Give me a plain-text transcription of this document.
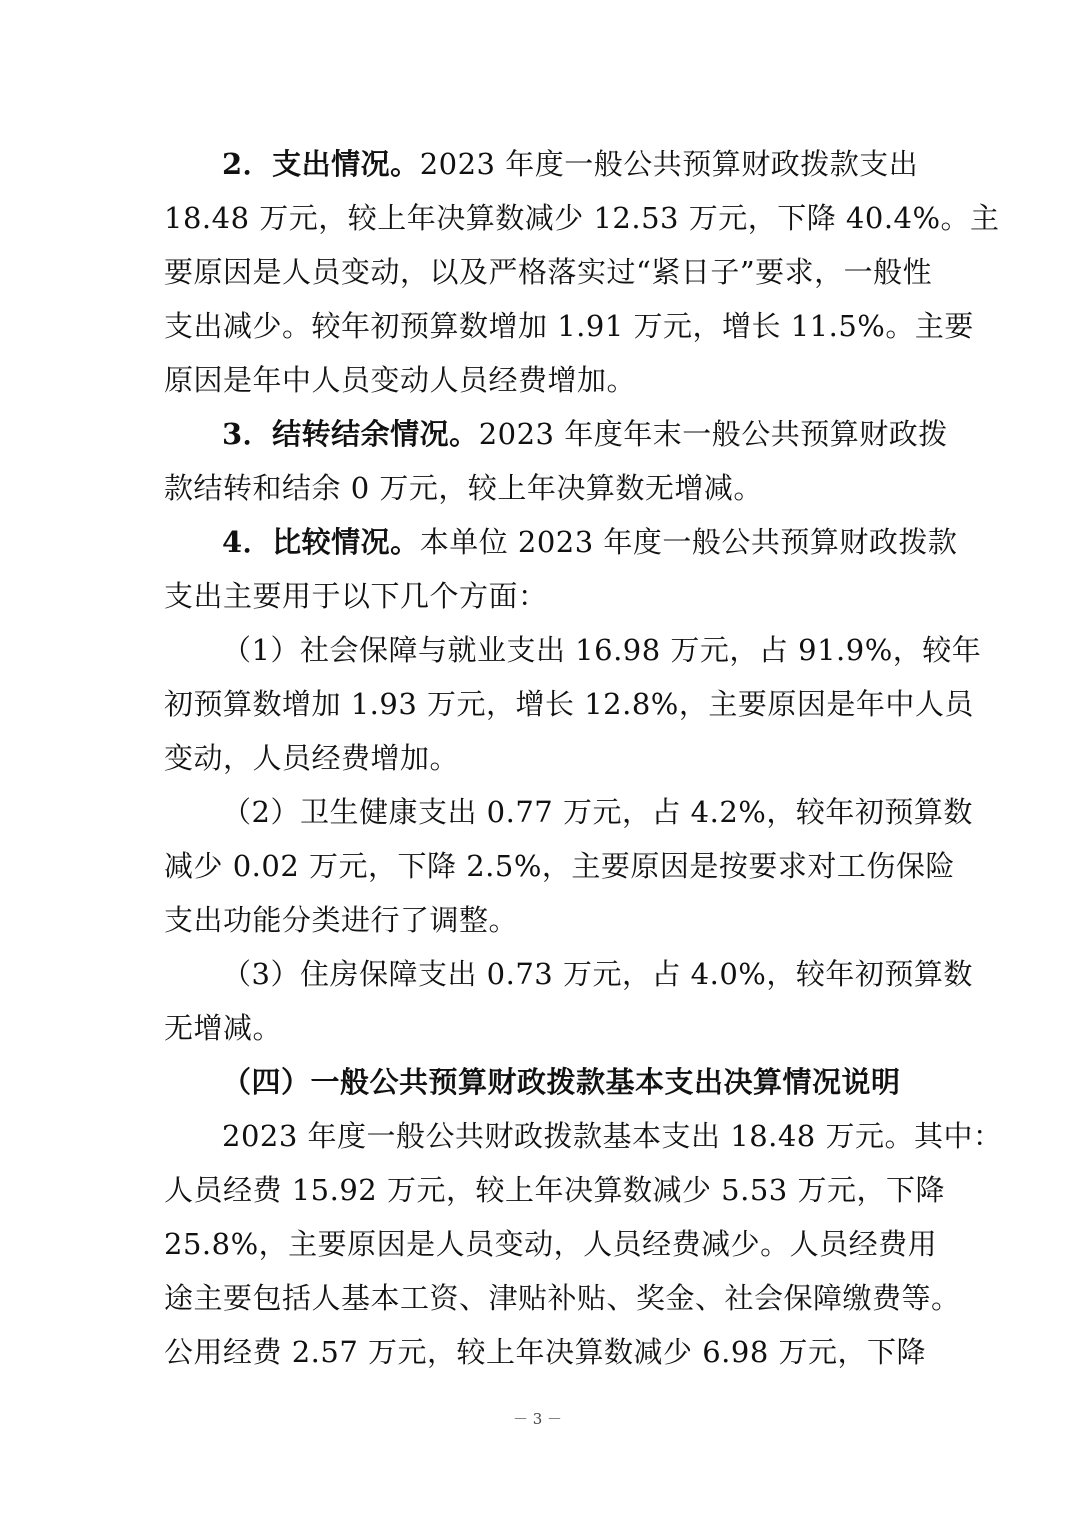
2．支出情况。2023 年度一般公共预算财政拨款支出
18.48 万元，较上年决算数减少 12.53 万元，下降 40.4%。主
要原因是人员变动，以及严格落实过“紧日子”要求，一般性
支出减少。较年初预算数增加 1.91 万元，增长 11.5%。主要
原因是年中人员变动人员经费增加。
3．结转结余情况。2023 年度年末一般公共预算财政拨
款结转和结余 0 万元，较上年决算数无增减。
4．比较情况。本单位 2023 年度一般公共预算财政拨款
支出主要用于以下几个方面：
（1）社会保障与就业支出 16.98 万元，占 91.9%，较年
初预算数增加 1.93 万元，增长 12.8%，主要原因是年中人员
变动，人员经费增加。
（2）卫生健康支出 0.77 万元，占 4.2%，较年初预算数
减少 0.02 万元，下降 2.5%，主要原因是按要求对工伤保险
支出功能分类进行了调整。
（3）住房保障支出 0.73 万元，占 4.0%，较年初预算数
无增减。
（四）一般公共预算财政拨款基本支出决算情况说明
2023 年度一般公共财政拨款基本支出 18.48 万元。其中：
人员经费 15.92 万元，较上年决算数减少 5.53 万元，下降
25.8%，主要原因是人员变动，人员经费减少。人员经费用
途主要包括人基本工资、津贴补贴、奖金、社会保障缴费等。
公用经费 2.57 万元，较上年决算数减少 6.98 万元，下降
－ 3 －
